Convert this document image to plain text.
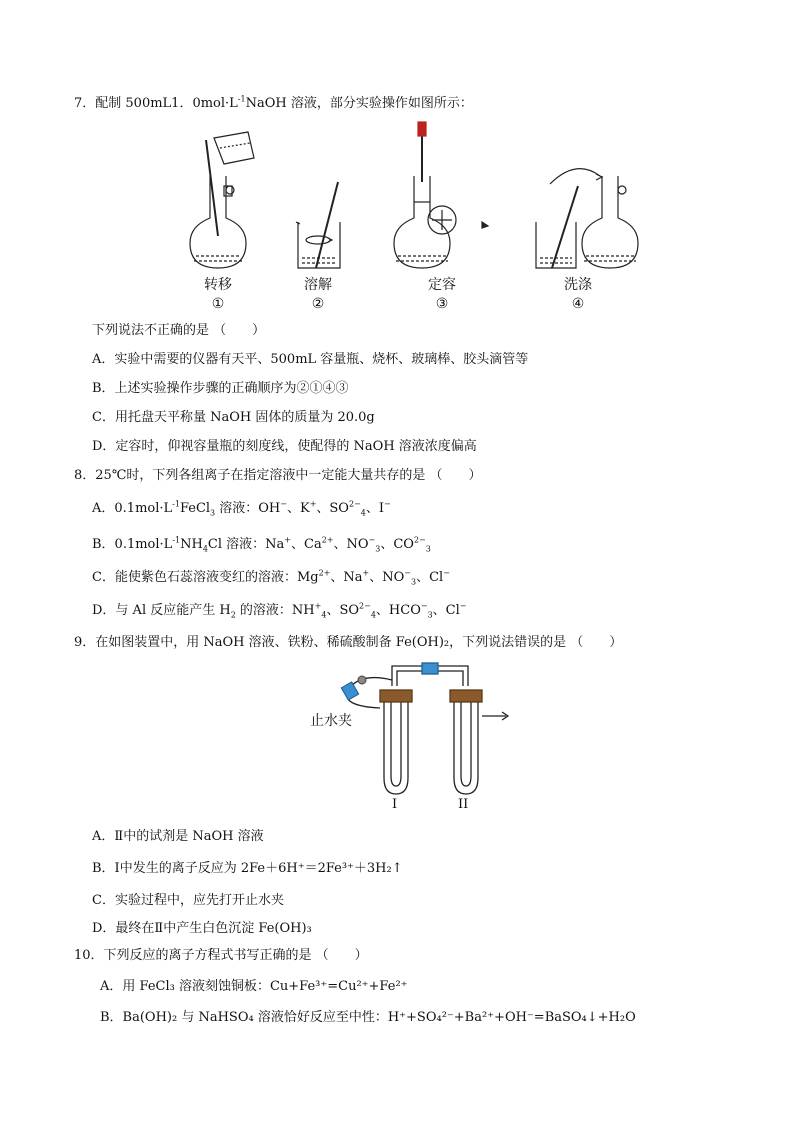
7．配制 500mL1．$0mol\cdot L^{-1}NaOH$ 溶液，部分实验操作如图所示：
转移
①
溶解
②
定容
③
洗涤
④
下列说法不正确的是 （　　）
A．实验中需要的仪器有天平、500mL 容量瓶、烧杯、玻璃棒、胶头滴管等
B．上述实验操作步骤的正确顺序为②①④③
C．用托盘天平称量 NaOH 固体的质量为 20.0g
D．定容时，仰视容量瓶的刻度线，使配得的 NaOH 溶液浓度偏高
8．25℃时，下列各组离子在指定溶液中一定能大量共存的是 （　　）
A．$0.1mol\cdot L^{-1}FeCl_3$ 溶液：OH−、K+、$SO^{2-}_4$、I−
B．$0.1mol\cdot L^{-1}NH_4Cl$ 溶液：Na+、$Ca^{2+}$、$NO^-_3$、$CO^{2-}_3$
C．能使紫色石蕊溶液变红的溶液：$Mg^{2+}$、Na+、$NO^-_3$、Cl−
D．与 Al 反应能产生 $H_2$ 的溶液：$NH^+_4$、$SO^{2-}_4$、$HCO^-_3$、Cl−
9．在如图装置中，用 NaOH 溶液、铁粉、稀硫酸制备 Fe(OH)₂，下列说法错误的是 （　　）
止水夹
I	II
A．Ⅱ中的试剂是 NaOH 溶液
B．Ⅰ中发生的离子反应为 2Fe＋6H⁺＝2Fe³⁺＋3H₂↑
C．实验过程中，应先打开止水夹
D．最终在Ⅱ中产生白色沉淀 Fe(OH)₃
10．下列反应的离子方程式书写正确的是 （　　）
A．用 FeCl₃ 溶液刻蚀铜板：Cu+Fe³⁺=Cu²⁺+Fe²⁺
B．Ba(OH)₂ 与 NaHSO₄ 溶液恰好反应至中性：H⁺+SO₄²⁻+Ba²⁺+OH⁻=BaSO₄↓+H₂O
